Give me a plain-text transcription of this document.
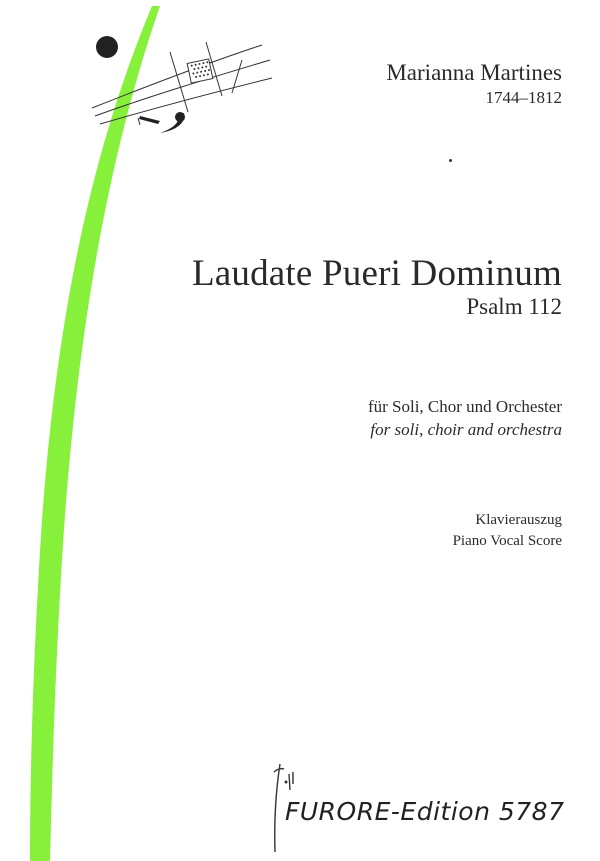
Marianna Martines
1744–1812
Laudate Pueri Dominum
Psalm 112
für Soli, Chor und Orchester
for soli, choir and orchestra
Klavierauszug
Piano Vocal Score
FURORE-Edition 5787
